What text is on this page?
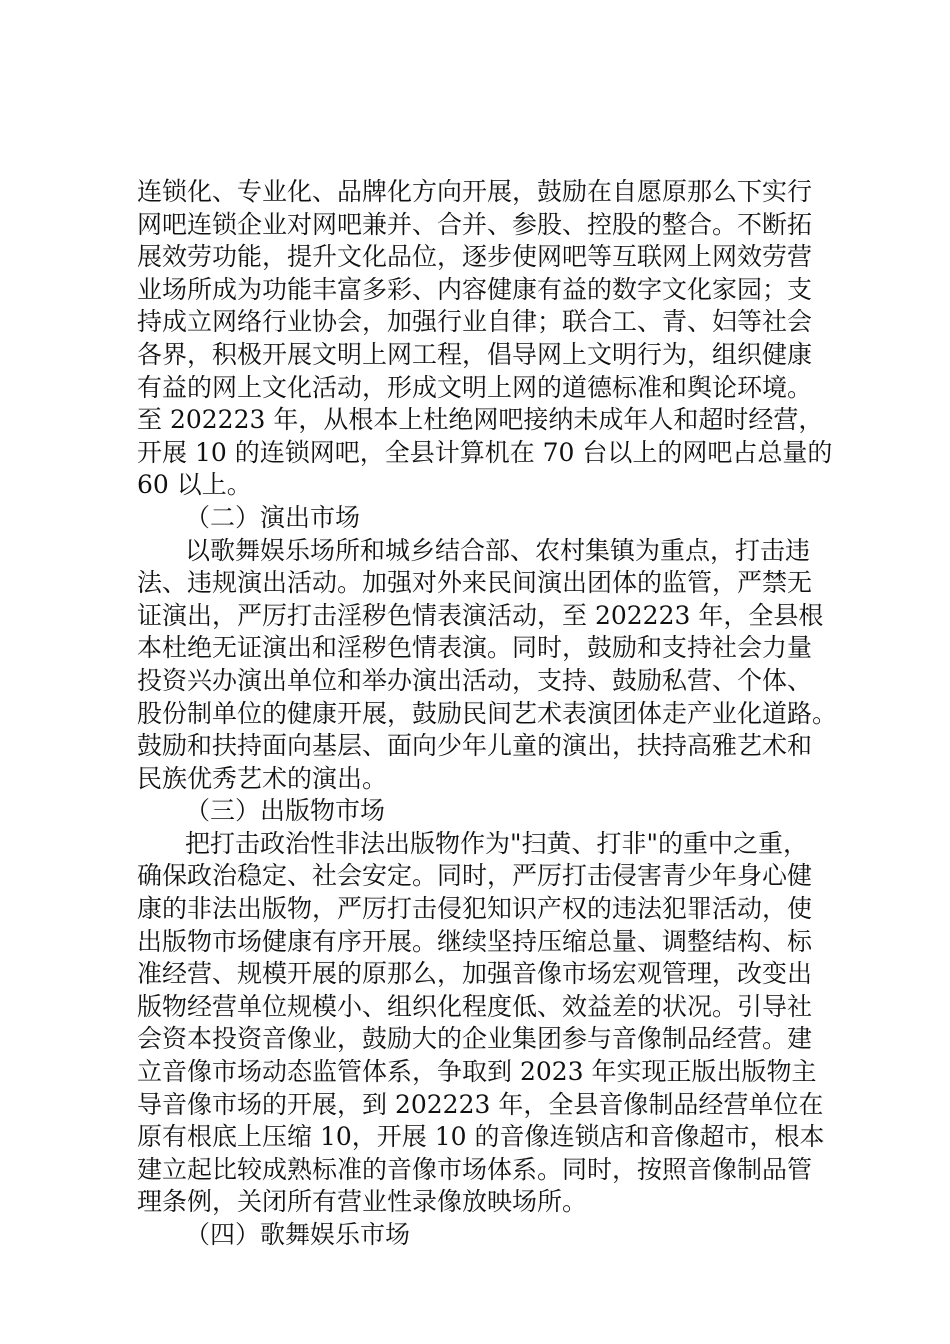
连锁化、专业化、品牌化方向开展，鼓励在自愿原那么下实行
网吧连锁企业对网吧兼并、合并、参股、控股的整合。不断拓
展效劳功能，提升文化品位，逐步使网吧等互联网上网效劳营
业场所成为功能丰富多彩、内容健康有益的数字文化家园；支
持成立网络行业协会，加强行业自律；联合工、青、妇等社会
各界，积极开展文明上网工程，倡导网上文明行为，组织健康
有益的网上文化活动，形成文明上网的道德标准和舆论环境。
至 202223 年，从根本上杜绝网吧接纳未成年人和超时经营，
开展 10 的连锁网吧，全县计算机在 70 台以上的网吧占总量的
60 以上。
（二）演出市场
以歌舞娱乐场所和城乡结合部、农村集镇为重点，打击违
法、违规演出活动。加强对外来民间演出团体的监管，严禁无
证演出，严厉打击淫秽色情表演活动，至 202223 年，全县根
本杜绝无证演出和淫秽色情表演。同时，鼓励和支持社会力量
投资兴办演出单位和举办演出活动，支持、鼓励私营、个体、
股份制单位的健康开展，鼓励民间艺术表演团体走产业化道路。
鼓励和扶持面向基层、面向少年儿童的演出，扶持高雅艺术和
民族优秀艺术的演出。
（三）出版物市场
把打击政治性非法出版物作为"扫黄、打非"的重中之重，
确保政治稳定、社会安定。同时，严厉打击侵害青少年身心健
康的非法出版物，严厉打击侵犯知识产权的违法犯罪活动，使
出版物市场健康有序开展。继续坚持压缩总量、调整结构、标
准经营、规模开展的原那么，加强音像市场宏观管理，改变出
版物经营单位规模小、组织化程度低、效益差的状况。引导社
会资本投资音像业，鼓励大的企业集团参与音像制品经营。建
立音像市场动态监管体系，争取到 2023 年实现正版出版物主
导音像市场的开展，到 202223 年，全县音像制品经营单位在
原有根底上压缩 10，开展 10 的音像连锁店和音像超市，根本
建立起比较成熟标准的音像市场体系。同时，按照音像制品管
理条例，关闭所有营业性录像放映场所。
（四）歌舞娱乐市场
